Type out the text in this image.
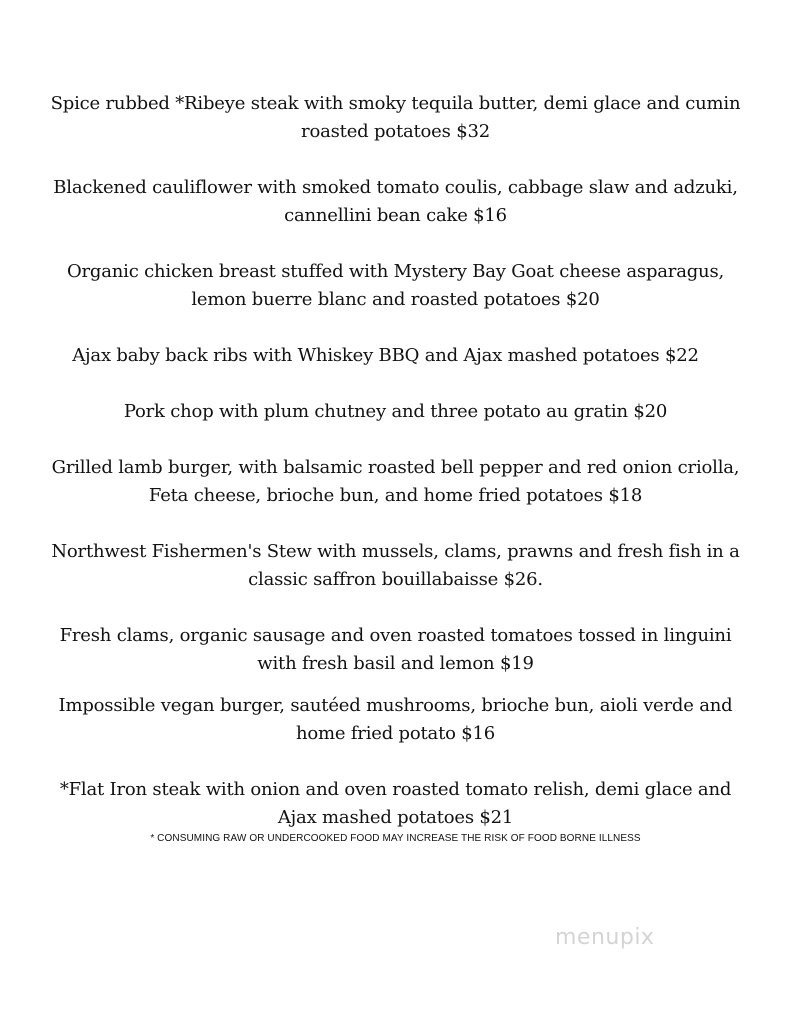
Spice rubbed *Ribeye steak with smoky tequila butter, demi glace and cumin roasted potatoes $32

Blackened cauliflower with smoked tomato coulis, cabbage slaw and adzuki, cannellini bean cake $16

Organic chicken breast stuffed with Mystery Bay Goat cheese asparagus, lemon buerre blanc and roasted potatoes $20

Ajax baby back ribs with Whiskey BBQ and Ajax mashed potatoes $22

Pork chop with plum chutney and three potato au gratin $20

Grilled lamb burger, with balsamic roasted bell pepper and red onion criolla, Feta cheese, brioche bun, and home fried potatoes $18

Northwest Fishermen's Stew with mussels, clams, prawns and fresh fish in a classic saffron bouillabaisse $26.

Fresh clams, organic sausage and oven roasted tomatoes tossed in linguini with fresh basil and lemon $19

Impossible vegan burger, sautéed mushrooms, brioche bun, aioli verde and home fried potato $16

*Flat Iron steak with onion and oven roasted tomato relish, demi glace and Ajax mashed potatoes $21

* CONSUMING RAW OR UNDERCOOKED FOOD MAY INCREASE THE RISK OF FOOD BORNE ILLNESS
menupix
